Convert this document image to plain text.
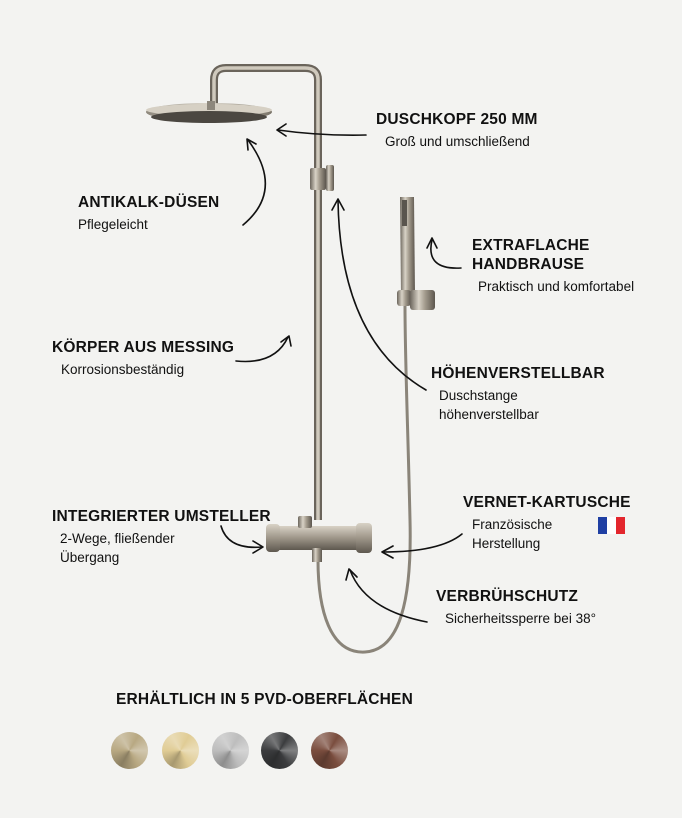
DUSCHKOPF 250 MM
Groß und umschließend
ANTIKALK-DÜSEN
Pflegeleicht
EXTRAFLACHE
HANDBRAUSE
Praktisch und komfortabel
KÖRPER AUS MESSING
Korrosionsbeständig	HÖHENVERSTELLBAR
Duschstange
höhenverstellbar
INTEGRIERTER UMSTELLER
2-Wege, fließender
Übergang
VERNET-KARTUSCHE
Französische
Herstellung
VERBRÜHSCHUTZ
Sicherheitssperre bei 38°
ERHÄLTLICH IN 5 PVD-OBERFLÄCHEN
